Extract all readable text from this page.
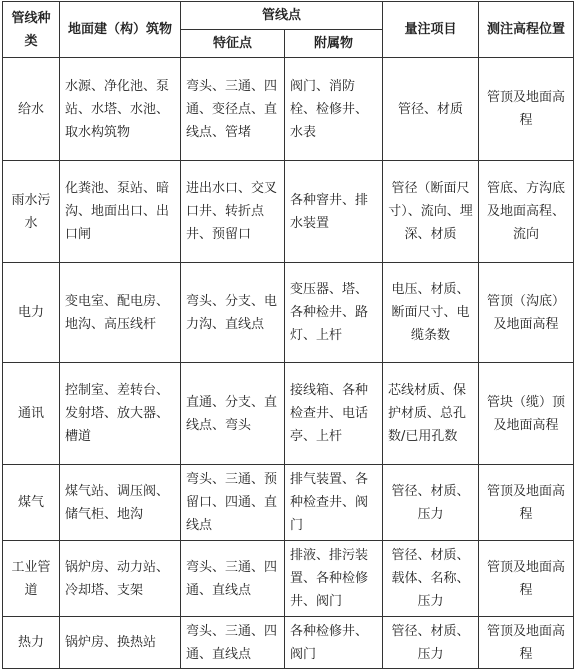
管线种类	地面建（构）筑物	管线点		量注项目	测注高程位置
		特征点	附属物		
给水	水源、净化池、泵站、水塔、水池、取水构筑物	弯头、三通、四通、变径点、直线点、管堵	阀门、消防栓、检修井、水表	管径、材质	管顶及地面高程
雨水污水	化粪池、泵站、暗沟、地面出口、出口闸	进出水口、交叉口井、转折点井、预留口	各种窨井、排水装置	管径（断面尺寸）、流向、埋深、材质	管底、方沟底及地面高程、流向
电力	变电室、配电房、地沟、高压线杆	弯头、分支、电力沟、直线点	变压器、塔、各种检井、路灯、上杆	电压、材质、断面尺寸、电缆条数	管顶（沟底）及地面高程
通讯	控制室、差转台、发射塔、放大器、槽道	直通、分支、直线点、弯头	接线箱、各种检查井、电话亭、上杆	芯线材质、保护材质、总孔数/已用孔数	管块（缆）顶及地面高程
煤气	煤气站、调压阀、储气柜、地沟	弯头、三通、预留口、四通、直线点	排气装置、各种检查井、阀门	管径、材质、压力	管顶及地面高程
工业管道	锅炉房、动力站、冷却塔、支架	弯头、三通、四通、直线点	排液、排污装置、各种检修井、阀门	管径、材质、载体、名称、压力	管顶及地面高程
热力	锅炉房、换热站	弯头、三通、四通、直线点	各种检修井、阀门	管径、材质、压力	管顶及地面高程
